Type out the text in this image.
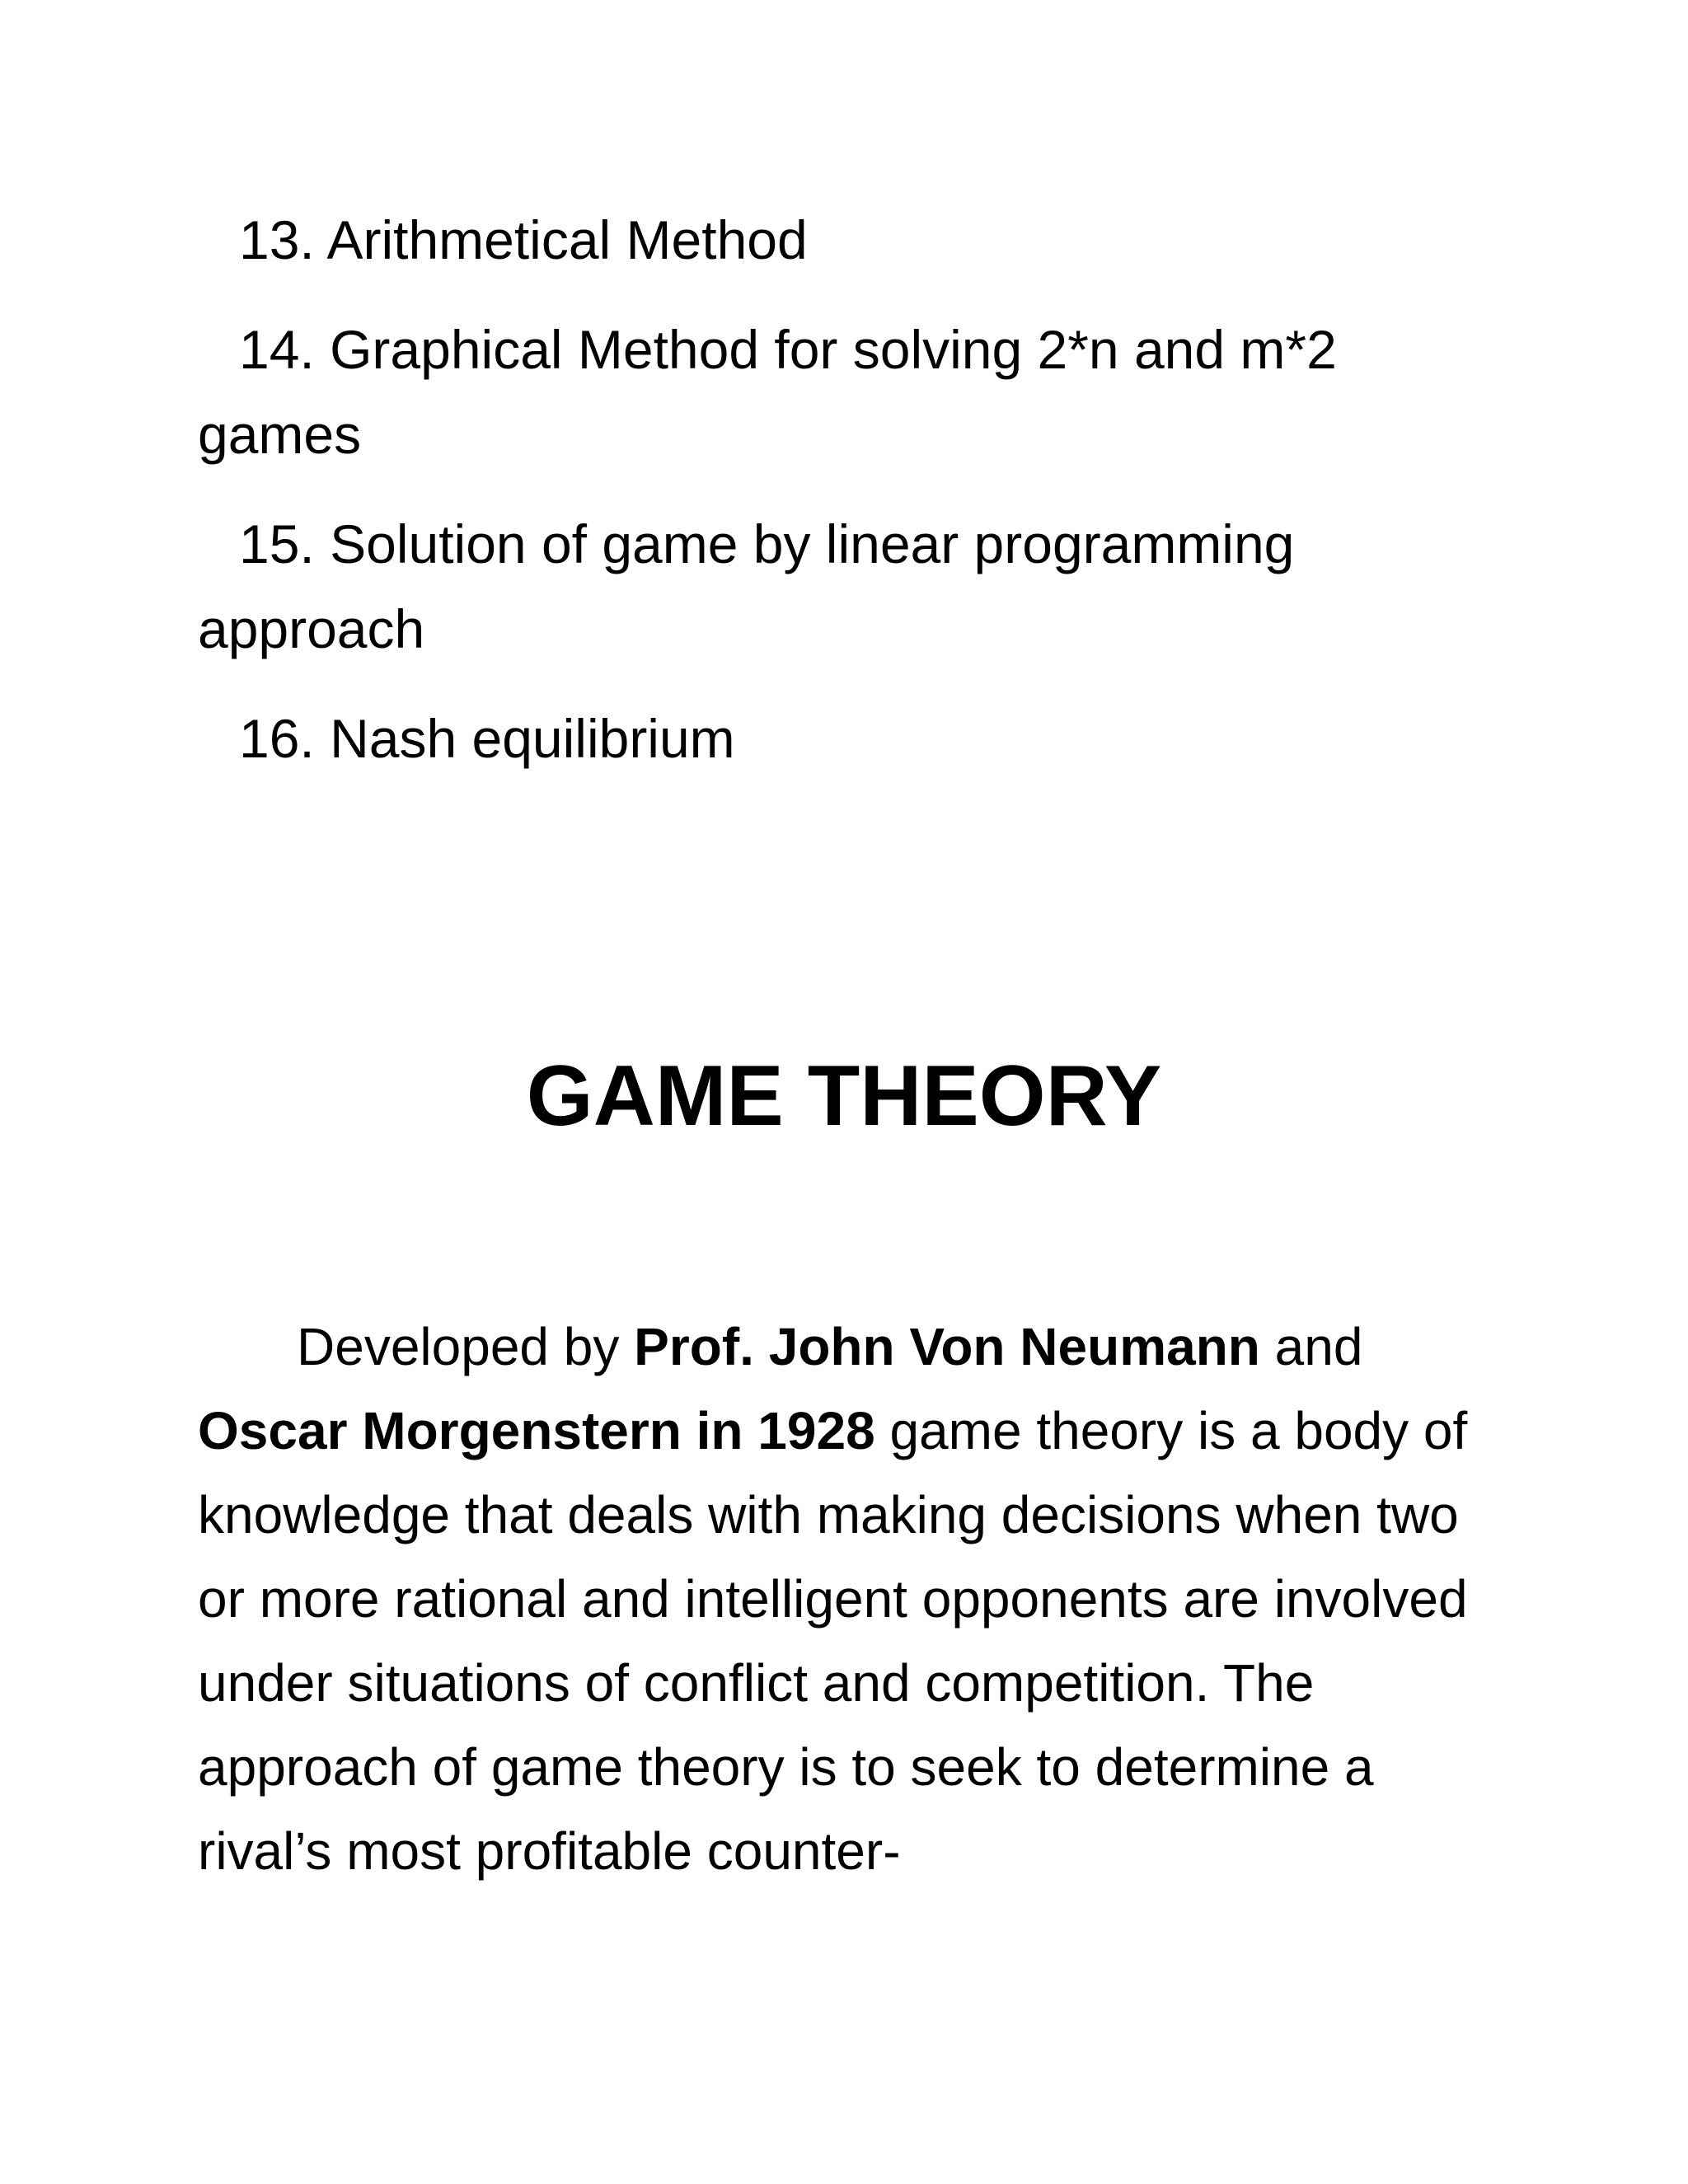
13. Arithmetical Method
14. Graphical Method for solving 2*n and m*2 games
15. Solution of game by linear programming approach
16. Nash equilibrium
GAME THEORY
Developed by Prof. John Von Neumann and Oscar Morgenstern in 1928 game theory is a body of knowledge that deals with making decisions when two or more rational and intelligent opponents are involved under situations of conflict and competition. The approach of game theory is to seek to determine a rival’s most profitable counter-
